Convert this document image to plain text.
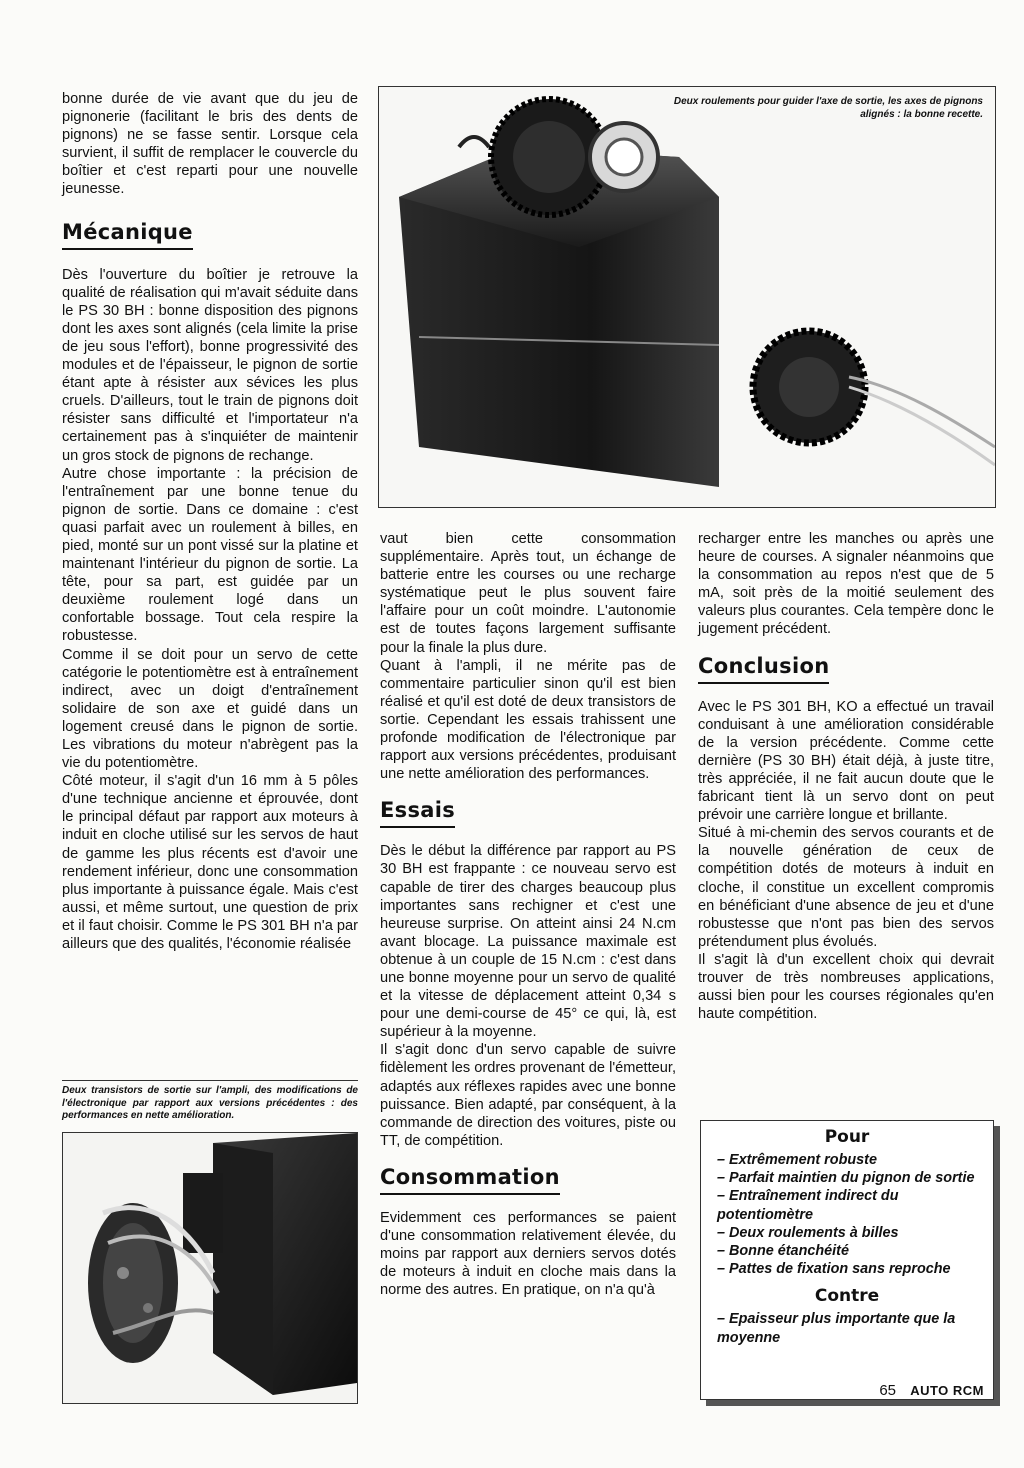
bonne durée de vie avant que du jeu de pignonerie (facilitant le bris des dents de pignons) ne se fasse sentir. Lorsque cela survient, il suffit de remplacer le couvercle du boîtier et c'est reparti pour une nouvelle jeunesse.

Mécanique

Dès l'ouverture du boîtier je retrouve la qualité de réalisation qui m'avait séduite dans le PS 30 BH : bonne disposition des pignons dont les axes sont alignés (cela limite la prise de jeu sous l'effort), bonne progressivité des modules et de l'épaisseur, le pignon de sortie étant apte à résister aux sévices les plus cruels. D'ailleurs, tout le train de pignons doit résister sans difficulté et l'importateur n'a certainement pas à s'inquiéter de maintenir un gros stock de pignons de rechange.

Autre chose importante : la précision de l'entraînement par une bonne tenue du pignon de sortie. Dans ce domaine : c'est quasi parfait avec un roulement à billes, en pied, monté sur un pont vissé sur la platine et maintenant l'intérieur du pignon de sortie. La tête, pour sa part, est guidée par un deuxième roulement logé dans un confortable bossage. Tout cela respire la robustesse.

Comme il se doit pour un servo de cette catégorie le potentiomètre est à entraînement indirect, avec un doigt d'entraînement solidaire de son axe et guidé dans un logement creusé dans le pignon de sortie. Les vibrations du moteur n'abrègent pas la vie du potentiomètre.

Côté moteur, il s'agit d'un 16 mm à 5 pôles d'une technique ancienne et éprouvée, dont le principal défaut par rapport aux moteurs à induit en cloche utilisé sur les servos de haut de gamme les plus récents est d'avoir une rendement inférieur, donc une consommation plus importante à puissance égale. Mais c'est aussi, et même surtout, une question de prix et il faut choisir. Comme le PS 301 BH n'a par ailleurs que des qualités, l'économie réalisée

Deux transistors de sortie sur l'ampli, des modifications de l'électronique par rapport aux versions précédentes : des performances en nette amélioration.
Deux roulements pour guider l'axe de sortie, les axes de pignons alignés : la bonne recette.

vaut bien cette consommation supplémentaire. Après tout, un échange de batterie entre les courses ou une recharge systématique peut le plus souvent faire l'affaire pour un coût moindre. L'autonomie est de toutes façons largement suffisante pour la finale la plus dure.

Quant à l'ampli, il ne mérite pas de commentaire particulier sinon qu'il est bien réalisé et qu'il est doté de deux transistors de sortie. Cependant les essais trahissent une profonde modification de l'électronique par rapport aux versions précédentes, produisant une nette amélioration des performances.

Essais

Dès le début la différence par rapport au PS 30 BH est frappante : ce nouveau servo est capable de tirer des charges beaucoup plus importantes sans rechigner et c'est une heureuse surprise. On atteint ainsi 24 N.cm avant blocage. La puissance maximale est obtenue à un couple de 15 N.cm : c'est dans une bonne moyenne pour un servo de qualité et la vitesse de déplacement atteint 0,34 s pour une demi-course de 45° ce qui, là, est supérieur à la moyenne.

Il s'agit donc d'un servo capable de suivre fidèlement les ordres provenant de l'émetteur, adaptés aux réflexes rapides avec une bonne puissance. Bien adapté, par conséquent, à la commande de direction des voitures, piste ou TT, de compétition.

Consommation

Evidemment ces performances se paient d'une consommation relativement élevée, du moins par rapport aux derniers servos dotés de moteurs à induit en cloche mais dans la norme des autres. En pratique, on n'a qu'à

recharger entre les manches ou après une heure de courses. A signaler néanmoins que la consommation au repos n'est que de 5 mA, soit près de la moitié seulement des valeurs plus courantes. Cela tempère donc le jugement précédent.

Conclusion

Avec le PS 301 BH, KO a effectué un travail conduisant à une amélioration considérable de la version précédente. Comme cette dernière (PS 30 BH) était déjà, à juste titre, très appréciée, il ne fait aucun doute que le fabricant tient là un servo dont on peut prévoir une carrière longue et brillante.

Situé à mi-chemin des servos courants et de la nouvelle génération de ceux de compétition dotés de moteurs à induit en cloche, il constitue un excellent compromis en bénéficiant d'une absence de jeu et d'une robustesse que n'ont pas bien des servos prétendument plus évolués.

Il s'agit là d'un excellent choix qui devrait trouver de très nombreuses applications, aussi bien pour les courses régionales qu'en haute compétition.

Pour
– Extrêmement robuste
– Parfait maintien du pignon de sortie
– Entraînement indirect du potentiomètre
– Deux roulements à billes
– Bonne étanchéité
– Pattes de fixation sans reproche
Contre
– Epaisseur plus importante que la moyenne
65 AUTO RCM
